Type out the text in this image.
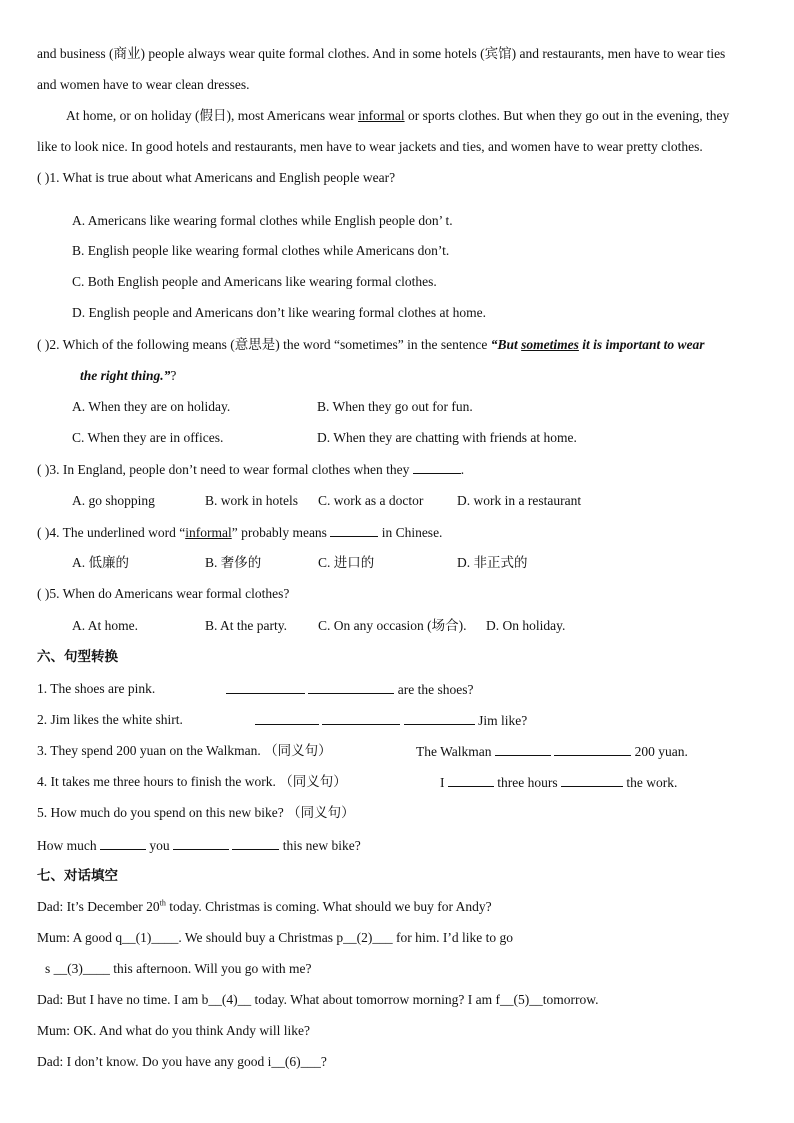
and business (商业) people always wear quite formal clothes. And in some hotels (宾馆) and restaurants, men have to wear ties
and women have to wear clean dresses.
At home, or on holiday (假日), most Americans wear informal or sports clothes. But when they go out in the evening, they
like to look nice. In good hotels and restaurants, men have to wear jackets and ties, and women have to wear pretty clothes.
( )1. What is true about what Americans and English people wear?
A. Americans like wearing formal clothes while English people don’ t.
B. English people like wearing formal clothes while Americans don’t.
C. Both English people and Americans like wearing formal clothes.
D. English people and Americans don’t like wearing formal clothes at home.
( )2. Which of the following means (意思是) the word “sometimes” in the sentence “But sometimes it is important to wear
the right thing.”?
A. When they are on holiday.	B. When they go out for fun.
C. When they are in offices.	D. When they are chatting with friends at home.
( )3. In England, people don’t need to wear formal clothes when they	.
A. go shopping	B. work in hotels C. work as a doctor D. work in a restaurant
( )4. The underlined word “informal” probably means	in Chinese.
A. 低廉的	B. 奢侈的	C. 进口的	D. 非正式的
( )5. When do Americans wear formal clothes?
A. At home.	B. At the party. C. On any occasion (场合). D. On holiday.
六、句型转换
1. The shoes are pink.	are the shoes?
2. Jim likes the white shirt.	Jim like?
3. They spend 200 yuan on the Walkman. （同义句）	The Walkman	200 yuan.
4. It takes me three hours to finish the work. （同义句）	I	three hours	the work.
5. How much do you spend on this new bike? （同义句）
How much	you	this new bike?
七、对话填空
Dad: It’s December 20th today. Christmas is coming. What should we buy for Andy?
Mum: A good q__(1)____. We should buy a Christmas p__(2)___ for him. I’d like to go
s __(3)____ this afternoon. Will you go with me?
Dad: But I have no time. I am b__(4)__ today. What about tomorrow morning? I am f__(5)__tomorrow.
Mum: OK. And what do you think Andy will like?
Dad: I don’t know. Do you have any good i__(6)___?
